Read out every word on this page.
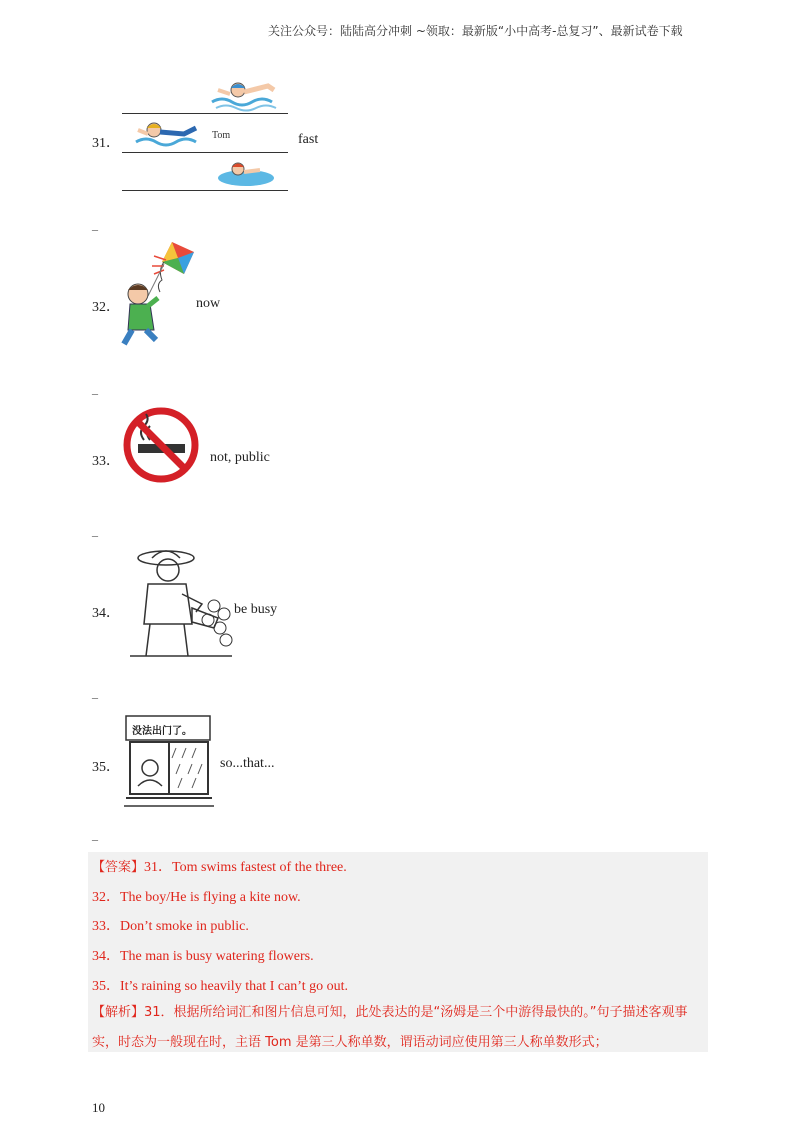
关注公众号：陆陆高分冲刺 ~领取：最新版“小中高考-总复习”、最新试卷下载
Tom
31．	fast
_
32．	now
_
33．	not, public
_
34．	be busy
_
没法出门了。
35．	so...that...
_
【答案】31．Tom swims fastest of the three.
32．The boy/He is flying a kite now.
33．Don’t smoke in public.
34．The man is busy watering flowers.
35．It’s raining so heavily that I can’t go out.
【解析】31．根据所给词汇和图片信息可知，此处表达的是“汤姆是三个中游得最快的。”句子描述客观事实，时态为一般现在时，主语 Tom 是第三人称单数，谓语动词应使用第三人称单数形式；
10
